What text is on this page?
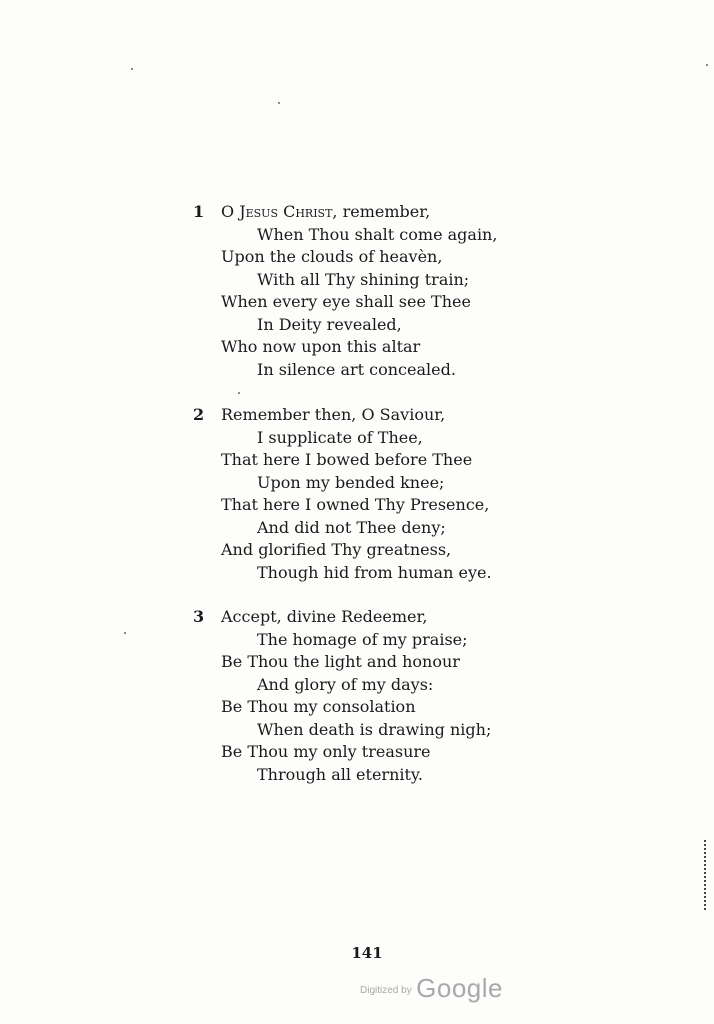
1	O Jesus Christ, remember,
When Thou shalt come again,
Upon the clouds of heavèn,
With all Thy shining train;
When every eye shall see Thee
In Deity revealed,
Who now upon this altar
In silence art concealed.
2	Remember then, O Saviour,
I supplicate of Thee,
That here I bowed before Thee
Upon my bended knee;
That here I owned Thy Presence,
And did not Thee deny;
And glorified Thy greatness,
Though hid from human eye.
3	Accept, divine Redeemer,
The homage of my praise;
Be Thou the light and honour
And glory of my days:
Be Thou my consolation
When death is drawing nigh;
Be Thou my only treasure
Through all eternity.
141
$^{Digitized by}$ Google
